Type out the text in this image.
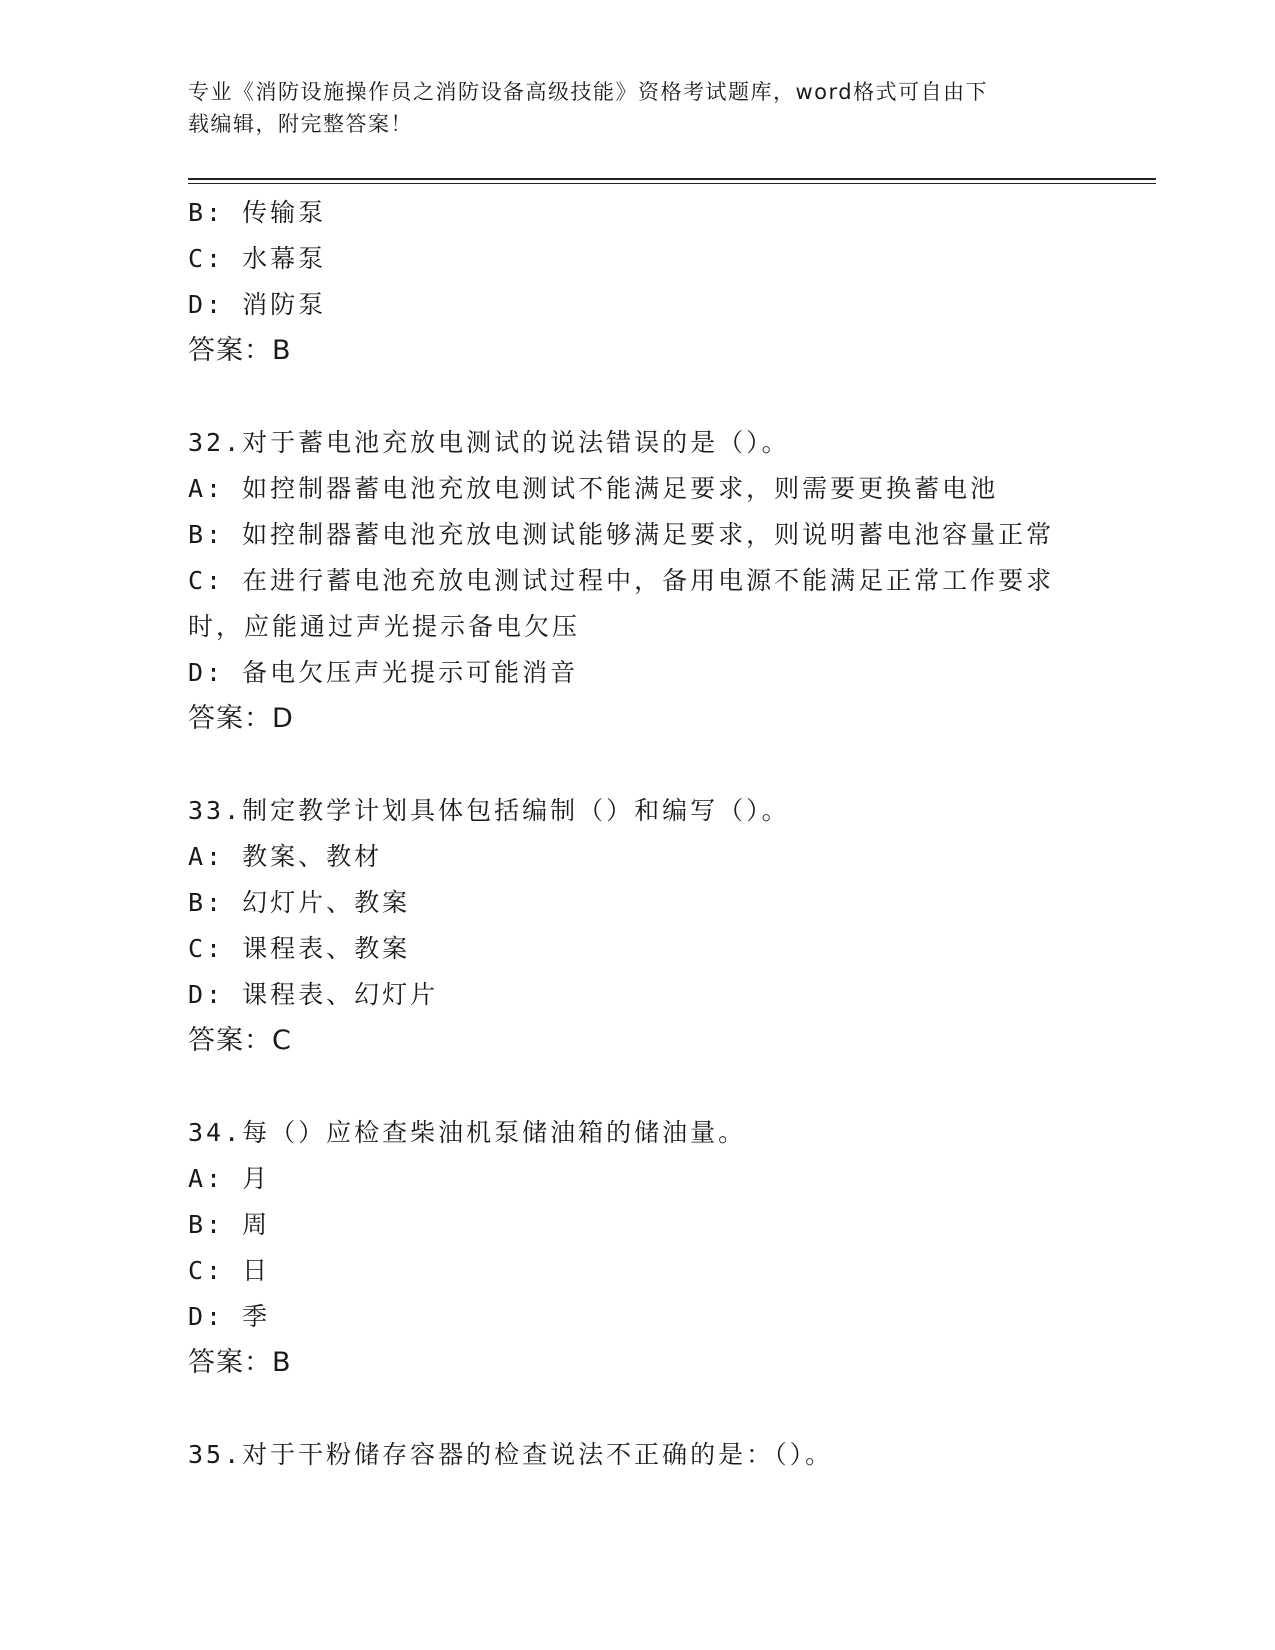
专业《消防设施操作员之消防设备高级技能》资格考试题库，word格式可自由下
载编辑，附完整答案！
B: 传输泵
C: 水幕泵
D: 消防泵
答案：B
32.对于蓄电池充放电测试的说法错误的是（）。
A: 如控制器蓄电池充放电测试不能满足要求，则需要更换蓄电池
B: 如控制器蓄电池充放电测试能够满足要求，则说明蓄电池容量正常
C: 在进行蓄电池充放电测试过程中，备用电源不能满足正常工作要求
时，应能通过声光提示备电欠压
D: 备电欠压声光提示可能消音
答案：D
33.制定教学计划具体包括编制（）和编写（）。
A: 教案、教材
B: 幻灯片、教案
C: 课程表、教案
D: 课程表、幻灯片
答案：C
34.每（）应检查柴油机泵储油箱的储油量。
A: 月
B: 周
C: 日
D: 季
答案：B
35.对于干粉储存容器的检查说法不正确的是：（）。
